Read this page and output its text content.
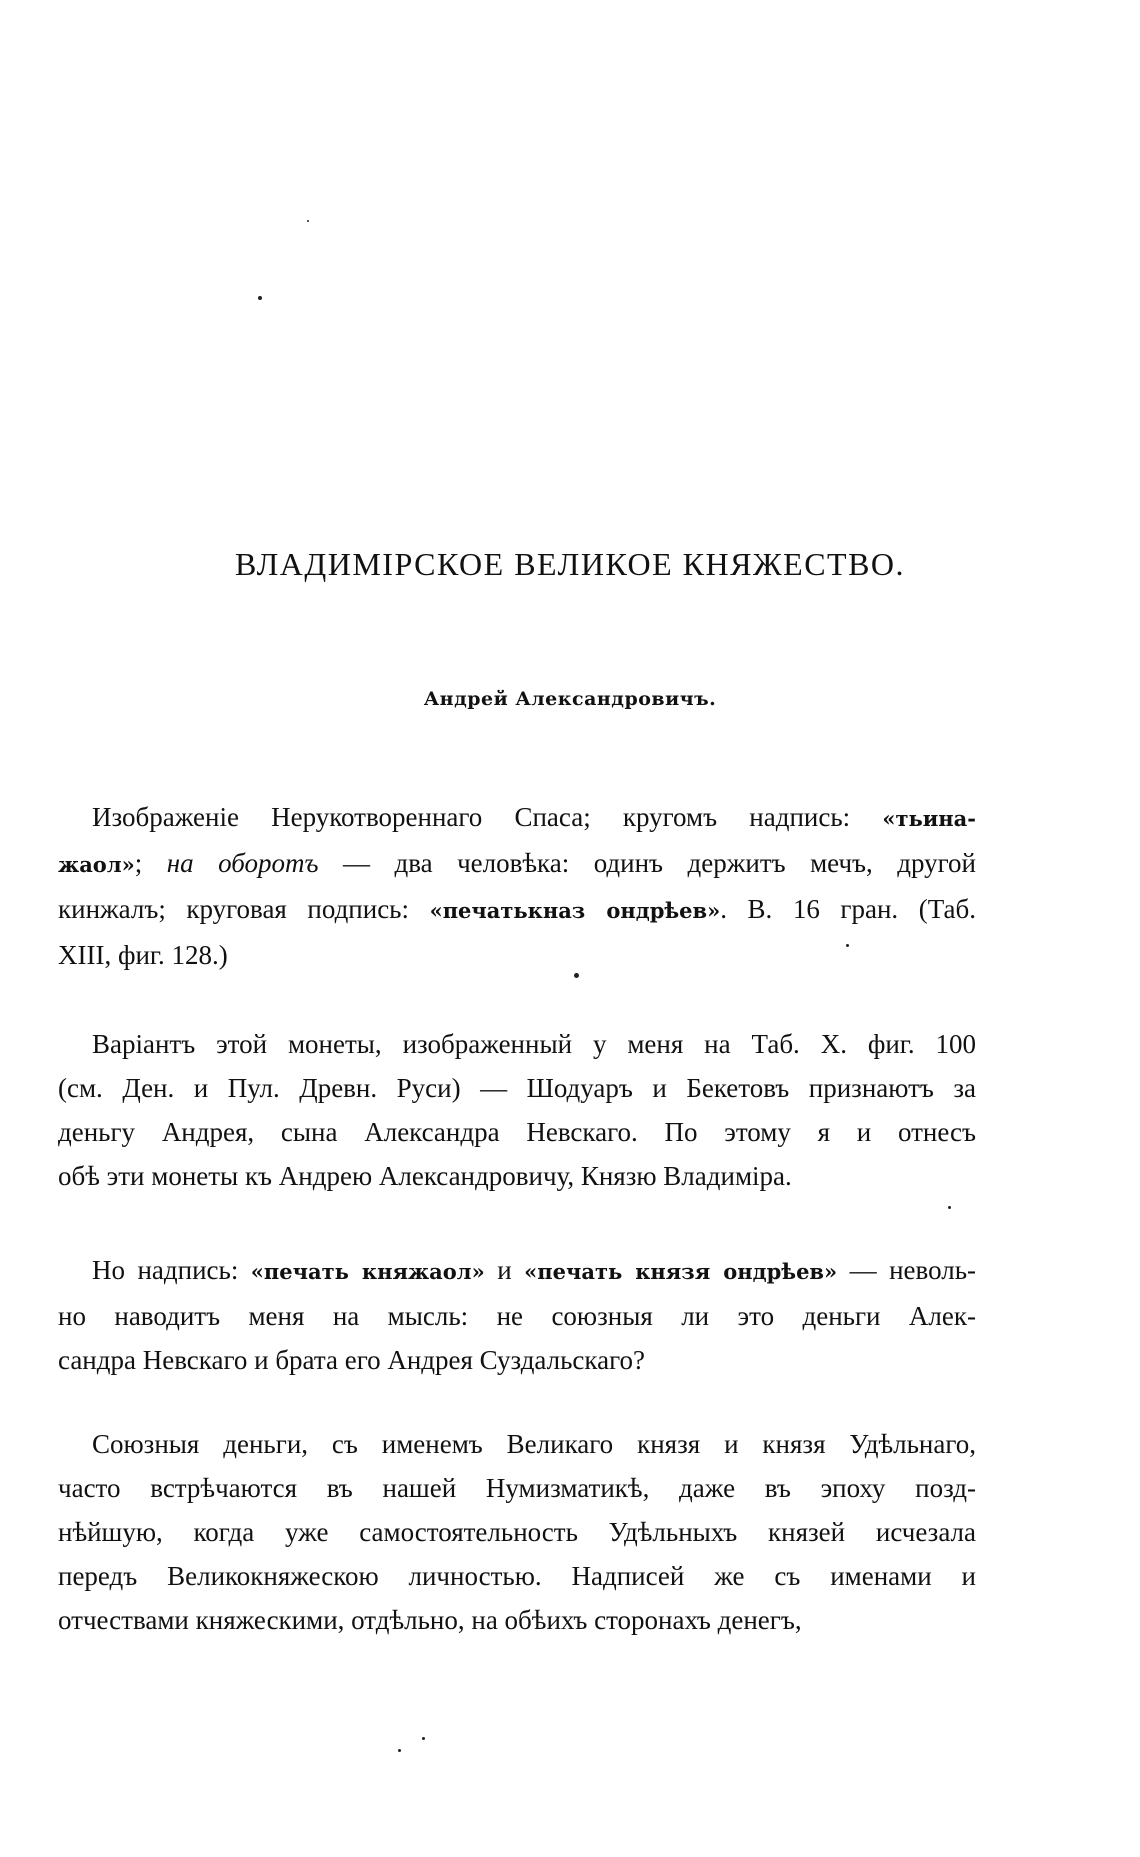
ВЛАДИМІРСКОЕ ВЕЛИКОЕ КНЯЖЕСТВО.
Андрей Александровичъ.
Изображеніе Нерукотвореннаго Спаса; кругомъ надпись: «тьина-
жаол»; на оборотъ — два человѣка: одинъ держитъ мечъ, другой
кинжалъ; круговая подпись: «печатькназ ондрѣев». В. 16 гран. (Таб.
XIII, фиг. 128.)
Варіантъ этой монеты, изображенный у меня на Таб. X. фиг. 100
(см. Ден. и Пул. Древн. Руси) — Шодуаръ и Бекетовъ признаютъ за
деньгу Андрея, сына Александра Невскаго. По этому я и отнесъ
обѣ эти монеты къ Андрею Александровичу, Князю Владиміра.
Но надпись: «печать княжаол» и «печать князя ондрѣев» — неволь-
но наводитъ меня на мысль: не союзныя ли это деньги Алек-
сандра Невскаго и брата его Андрея Суздальскаго?
Союзныя деньги, съ именемъ Великаго князя и князя Удѣльнаго,
часто встрѣчаются въ нашей Нумизматикѣ, даже въ эпоху позд-
нѣйшую, когда уже самостоятельность Удѣльныхъ князей исчезала
передъ Великокняжескою личностью. Надписей же съ именами и
отчествами княжескими, отдѣльно, на обѣихъ сторонахъ денегъ,
